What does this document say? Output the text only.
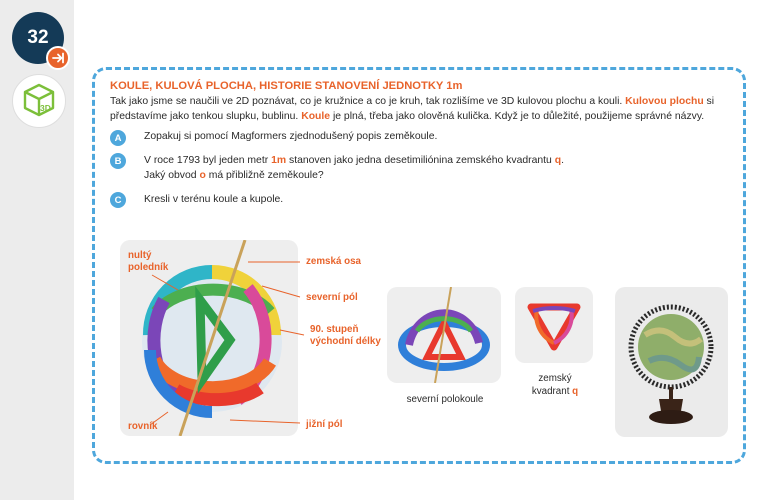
32
3D
KOULE, KULOVÁ PLOCHA, HISTORIE STANOVENÍ JEDNOTKY 1m
Tak jako jsme se naučili ve 2D poznávat, co je kružnice a co je kruh, tak rozlišíme ve 3D kulovou plochu a kouli. Kulovou plochu si představíme jako tenkou slupku, bublinu. Koule je plná, třeba jako olověná kulička. Když je to důležité, použijeme správné názvy.
A	Zopakuj si pomocí Magformers zjednodušený popis zeměkoule.
B	V roce 1793 byl jeden metr 1m stanoven jako jedna desetimiliónina zemského kvadrantu q.
Jaký obvod o má přibližně zeměkoule?
C	Kresli v terénu koule a kupole.
nultý poledník
zemská osa
severní pól
90. stupeň východní délky
rovník	jižní pól
severní polokoule
zemský kvadrant q
